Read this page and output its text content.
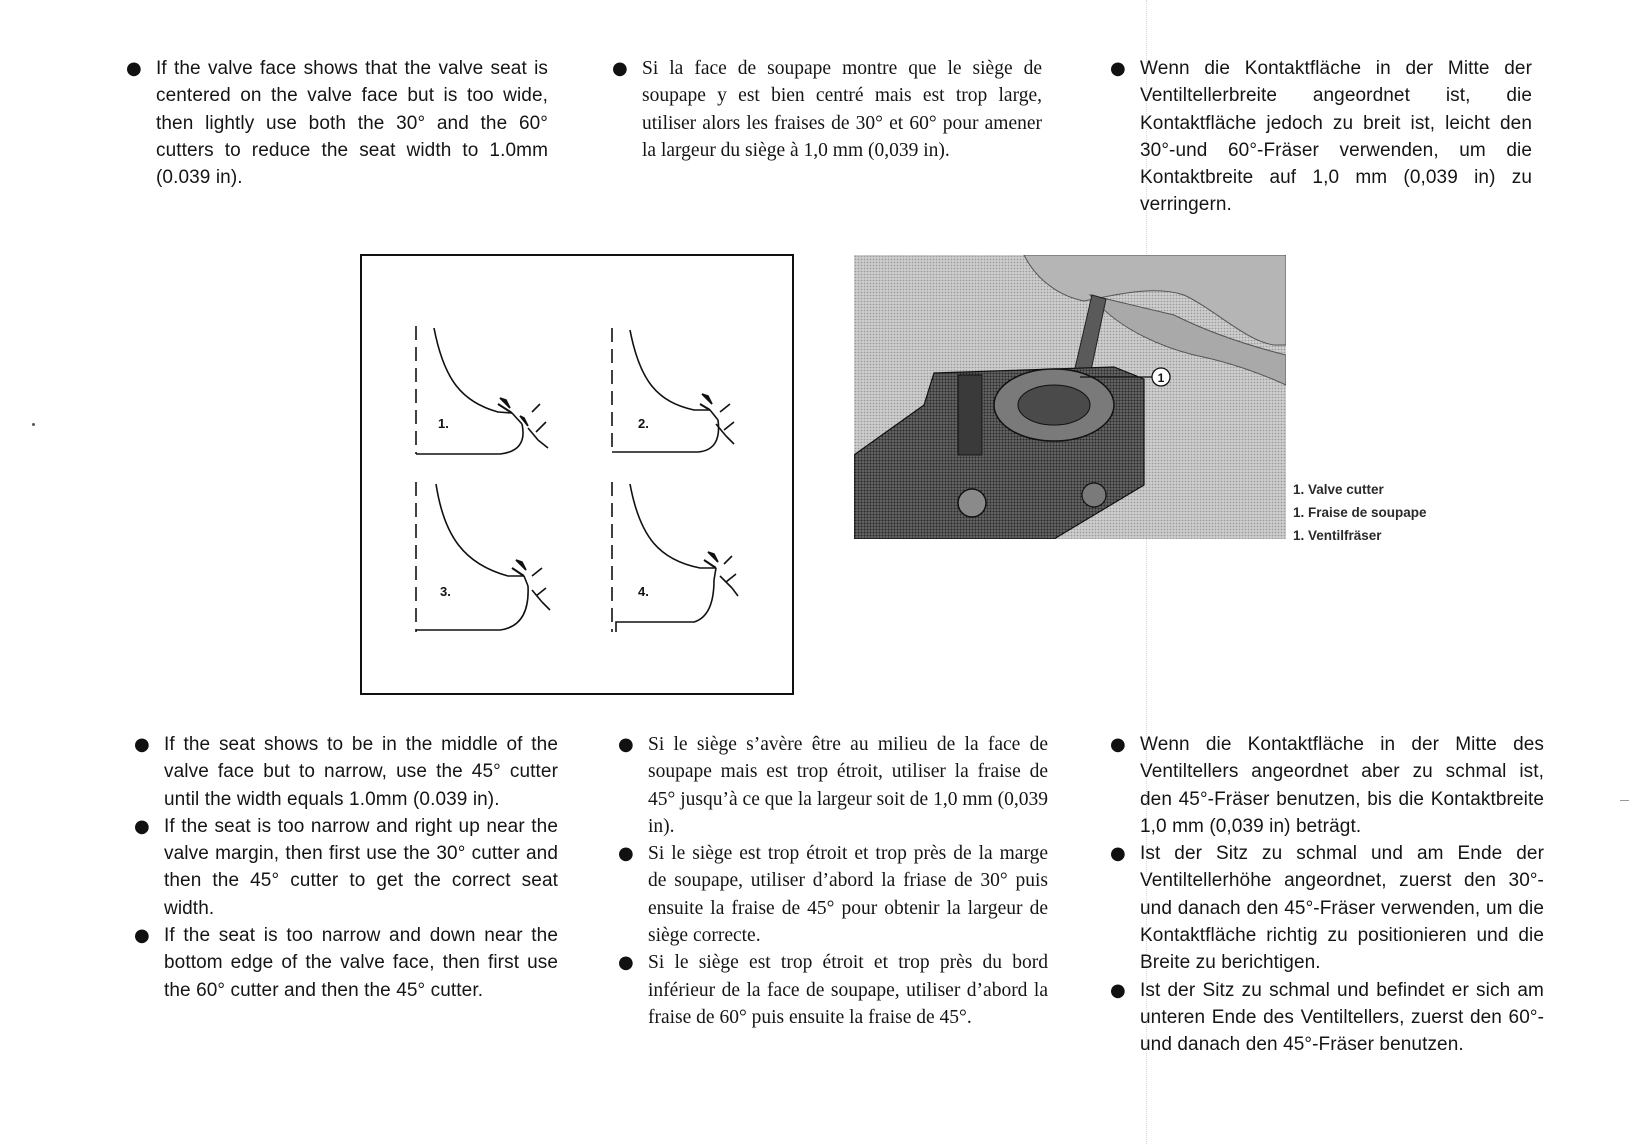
● If the valve face shows that the valve seat is centered on the valve face but is too wide, then lightly use both the 30° and the 60° cutters to reduce the seat width to 1.0mm (0.039 in).
● Si la face de soupape montre que le siège de soupape y est bien centré mais est trop large, utiliser alors les fraises de 30° et 60° pour amener la largeur du siège à 1,0 mm (0,039 in).
● Wenn die Kontaktfläche in der Mitte der Ventiltellerbreite angeordnet ist, die Kontaktfläche jedoch zu breit ist, leicht den 30°-und 60°-Fräser verwenden, um die Kontaktbreite auf 1,0 mm (0,039 in) zu verringern.
1.	2.
3.	4.
1
1. Valve cutter
1. Fraise de soupape
1. Ventilfräser
● If the seat shows to be in the middle of the valve face but to narrow, use the 45° cutter until the width equals 1.0mm (0.039 in).
● If the seat is too narrow and right up near the valve margin, then first use the 30° cutter and then the 45° cutter to get the correct seat width.
● If the seat is too narrow and down near the bottom edge of the valve face, then first use the 60° cutter and then the 45° cutter.
● Si le siège s’avère être au milieu de la face de soupape mais est trop étroit, utiliser la fraise de 45° jusqu’à ce que la largeur soit de 1,0 mm (0,039 in).
● Si le siège est trop étroit et trop près de la marge de soupape, utiliser d’abord la friase de 30° puis ensuite la fraise de 45° pour obtenir la largeur de siège correcte.
● Si le siège est trop étroit et trop près du bord inférieur de la face de soupape, utiliser d’abord la fraise de 60° puis ensuite la fraise de 45°.
● Wenn die Kontaktfläche in der Mitte des Ventiltellers angeordnet aber zu schmal ist, den 45°-Fräser benutzen, bis die Kontaktbreite 1,0 mm (0,039 in) beträgt.
● Ist der Sitz zu schmal und am Ende der Ventiltellerhöhe angeordnet, zuerst den 30°-und danach den 45°-Fräser verwenden, um die Kontaktfläche richtig zu positionieren und die Breite zu berichtigen.
● Ist der Sitz zu schmal und befindet er sich am unteren Ende des Ventiltellers, zuerst den 60°-und danach den 45°-Fräser benutzen.
